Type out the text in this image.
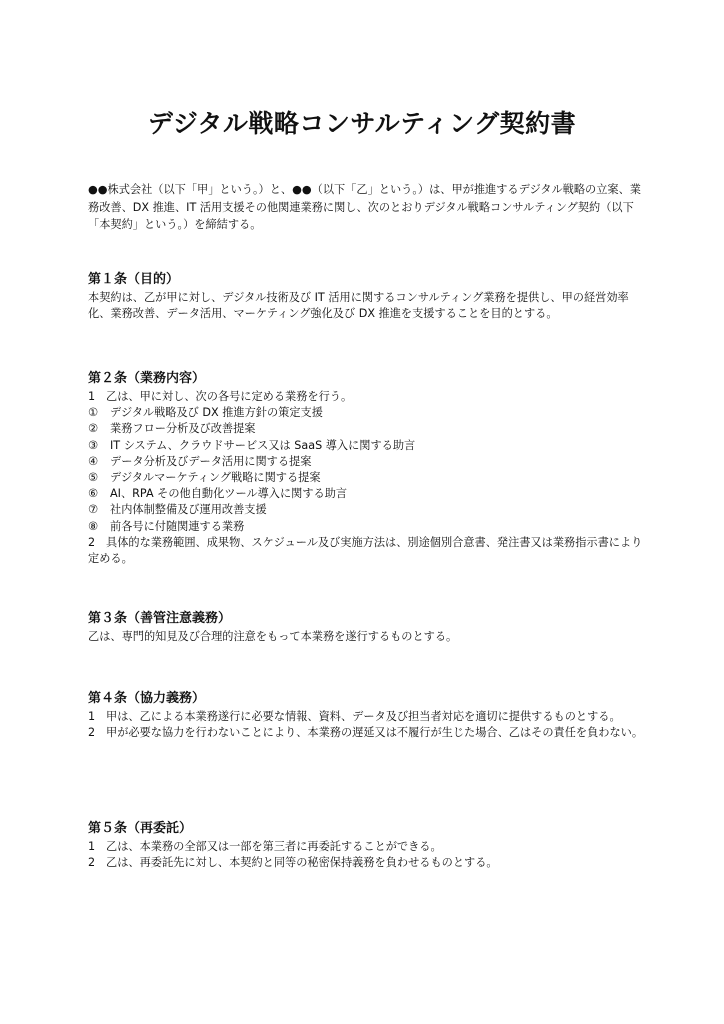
デジタル戦略コンサルティング契約書
●●株式会社（以下「甲」という。）と、●●（以下「乙」という。）は、甲が推進するデジタル戦略の立案、業務改善、DX 推進、IT 活用支援その他関連業務に関し、次のとおりデジタル戦略コンサルティング契約（以下「本契約」という。）を締結する。
第１条（目的）

本契約は、乙が甲に対し、デジタル技術及び IT 活用に関するコンサルティング業務を提供し、甲の経営効率化、業務改善、データ活用、マーケティング強化及び DX 推進を支援することを目的とする。

第２条（業務内容）

1 乙は、甲に対し、次の各号に定める業務を行う。

①	デジタル戦略及び DX 推進方針の策定支援
②	業務フロー分析及び改善提案
③	IT システム、クラウドサービス又は SaaS 導入に関する助言
④	データ分析及びデータ活用に関する提案
⑤	デジタルマーケティング戦略に関する提案
⑥	AI、RPA その他自動化ツール導入に関する助言
⑦	社内体制整備及び運用改善支援
⑧	前各号に付随関連する業務

2 具体的な業務範囲、成果物、スケジュール及び実施方法は、別途個別合意書、発注書又は業務指示書により定める。

第３条（善管注意義務）

乙は、専門的知見及び合理的注意をもって本業務を遂行するものとする。

第４条（協力義務）

1 甲は、乙による本業務遂行に必要な情報、資料、データ及び担当者対応を適切に提供するものとする。

2 甲が必要な協力を行わないことにより、本業務の遅延又は不履行が生じた場合、乙はその責任を負わない。

第５条（再委託）

1 乙は、本業務の全部又は一部を第三者に再委託することができる。

2 乙は、再委託先に対し、本契約と同等の秘密保持義務を負わせるものとする。
